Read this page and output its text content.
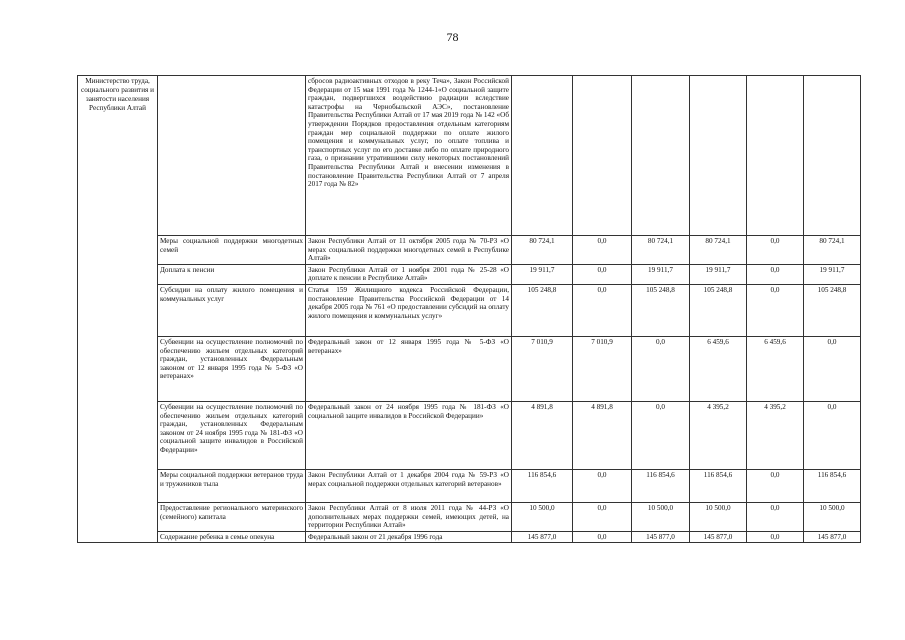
78
Министерство труда, социального развития и занятости населения Республики Алтай		сбросов радиоактивных отходов в реку Теча», Закон Российской Федерации от 15 мая 1991 года № 1244-1«О социальной защите граждан, подвергшихся воздействию радиации вследствие катастрофы на Чернобыльской АЭС», постановление Правительства Республики Алтай от 17 мая 2019 года № 142 «Об утверждении Порядков предоставления отдельным категориям граждан мер социальной поддержки по оплате жилого помещения и коммунальных услуг, по оплате топлива и транспортных услуг по его доставке либо по оплате природного газа, о признании утратившими силу некоторых постановлений Правительства Республики Алтай и внесении изменения в постановление Правительства Республики Алтай от 7 апреля 2017 года № 82»						
	Меры социальной поддержки многодетных семей	Закон Республики Алтай от 11 октября 2005 года № 70-РЗ «О мерах социальной поддержки многодетных семей в Республике Алтай»	80 724,1	0,0	80 724,1	80 724,1	0,0	80 724,1
	Доплата к пенсии	Закон Республики Алтай от 1 ноября 2001 года № 25-28 «О доплате к пенсии в Республике Алтай»	19 911,7	0,0	19 911,7	19 911,7	0,0	19 911,7
	Субсидии на оплату жилого помещения и коммунальных услуг	Статья 159 Жилищного кодекса Российской Федерации, постановление Правительства Российской Федерации от 14 декабря 2005 года № 761 «О предоставлении субсидий на оплату жилого помещения и коммунальных услуг»	105 248,8	0,0	105 248,8	105 248,8	0,0	105 248,8
	Субвенции на осуществление полномочий по обеспечению жильем отдельных категорий граждан, установленных Федеральным законом от 12 января 1995 года № 5-ФЗ «О ветеранах»	Федеральный закон от 12 января 1995 года № 5-ФЗ «О ветеранах»	7 010,9	7 010,9	0,0	6 459,6	6 459,6	0,0
	Субвенции на осуществление полномочий по обеспечению жильем отдельных категорий граждан, установленных Федеральным законом от 24 ноября 1995 года № 181-ФЗ «О социальной защите инвалидов в Российской Федерации»	Федеральный закон от 24 ноября 1995 года № 181-ФЗ «О социальной защите инвалидов в Российской Федерации»	4 891,8	4 891,8	0,0	4 395,2	4 395,2	0,0
	Меры социальной поддержки ветеранов труда и тружеников тыла	Закон Республики Алтай от 1 декабря 2004 года № 59-РЗ «О мерах социальной поддержки отдельных категорий ветеранов»	116 854,6	0,0	116 854,6	116 854,6	0,0	116 854,6
	Предоставление регионального материнского (семейного) капитала	Закон Республики Алтай от 8 июля 2011 года № 44-РЗ «О дополнительных мерах поддержки семей, имеющих детей, на территории Республики Алтай»	10 500,0	0,0	10 500,0	10 500,0	0,0	10 500,0
	Содержание ребенка в семье опекуна	Федеральный закон от 21 декабря 1996 года	145 877,0	0,0	145 877,0	145 877,0	0,0	145 877,0
